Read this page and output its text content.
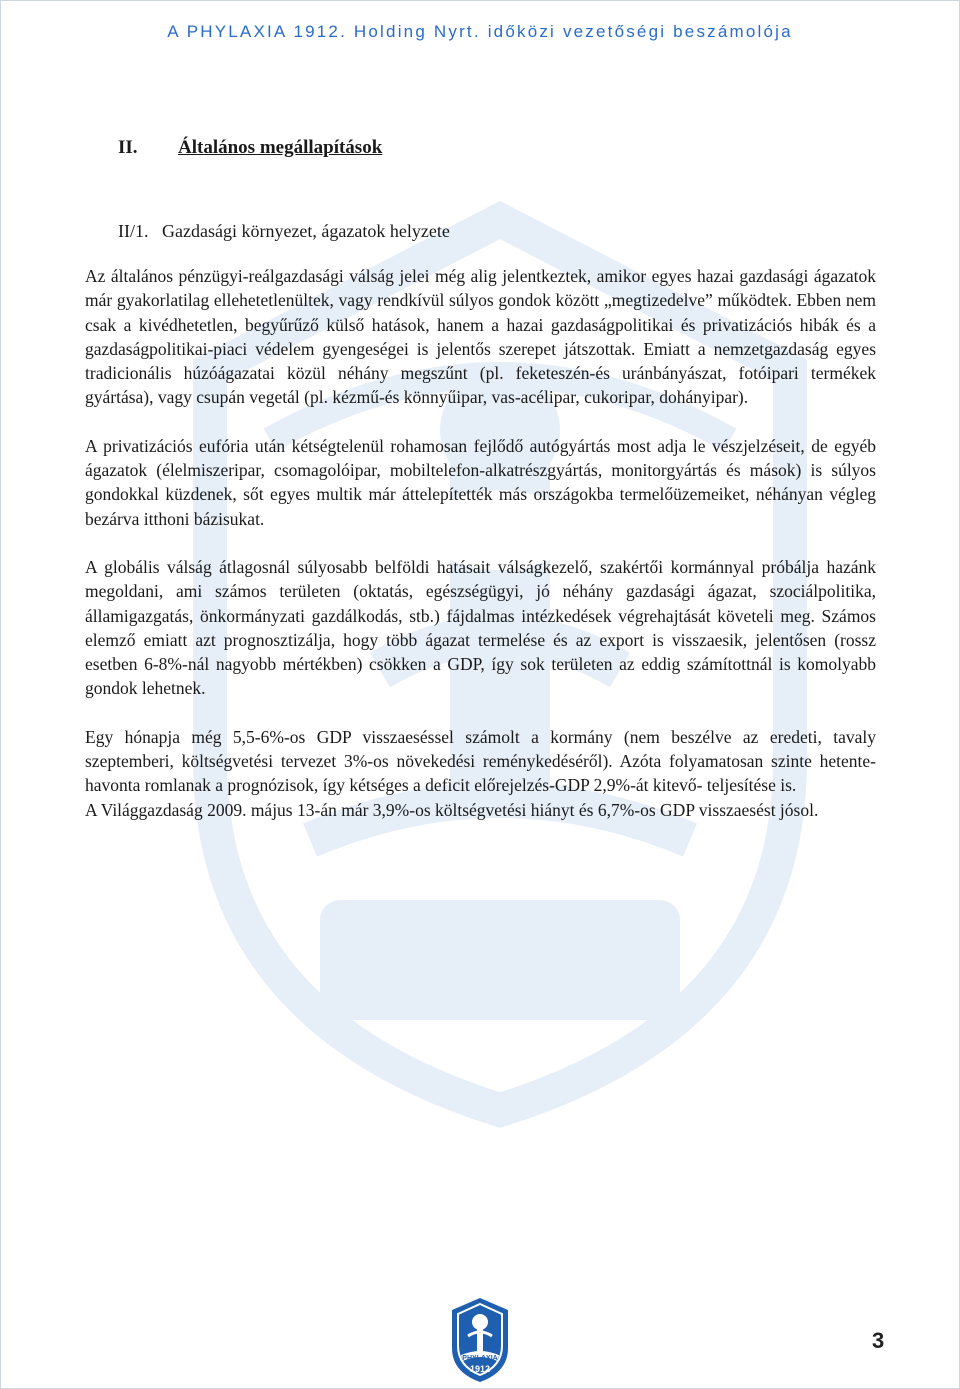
A PHYLAXIA 1912. Holding Nyrt. időközi vezetőségi beszámolója
II. Általános megállapítások
II/1. Gazdasági környezet, ágazatok helyzete

Az általános pénzügyi-reálgazdasági válság jelei még alig jelentkeztek, amikor egyes hazai gazdasági ágazatok már gyakorlatilag ellehetetlenültek, vagy rendkívül súlyos gondok között „megtizedelve” működtek. Ebben nem csak a kivédhetetlen, begyűrűző külső hatások, hanem a hazai gazdaságpolitikai és privatizációs hibák és a gazdaságpolitikai-piaci védelem gyengeségei is jelentős szerepet játszottak. Emiatt a nemzetgazdaság egyes tradicionális húzóágazatai közül néhány megszűnt (pl. feketeszén-és uránbányászat, fotóipari termékek gyártása), vagy csupán vegetál (pl. kézmű-és könnyűipar, vas-acélipar, cukoripar, dohányipar).

A privatizációs eufória után kétségtelenül rohamosan fejlődő autógyártás most adja le vészjelzéseit, de egyéb ágazatok (élelmiszeripar, csomagolóipar, mobiltelefon-alkatrészgyártás, monitorgyártás és mások) is súlyos gondokkal küzdenek, sőt egyes multik már áttelepítették más országokba termelőüzemeiket, néhányan végleg bezárva itthoni bázisukat.

A globális válság átlagosnál súlyosabb belföldi hatásait válságkezelő, szakértői kormánnyal próbálja hazánk megoldani, ami számos területen (oktatás, egészségügyi, jó néhány gazdasági ágazat, szociálpolitika, államigazgatás, önkormányzati gazdálkodás, stb.) fájdalmas intézkedések végrehajtását követeli meg. Számos elemző emiatt azt prognosztizálja, hogy több ágazat termelése és az export is visszaesik, jelentősen (rossz esetben 6-8%-nál nagyobb mértékben) csökken a GDP, így sok területen az eddig számítottnál is komolyabb gondok lehetnek.

Egy hónapja még 5,5-6%-os GDP visszaeséssel számolt a kormány (nem beszélve az eredeti, tavaly szeptemberi, költségvetési tervezet 3%-os növekedési reménykedéséről). Azóta folyamatosan szinte hetente-havonta romlanak a prognózisok, így kétséges a deficit előrejelzés-GDP 2,9%-át kitevő- teljesítése is.

A Világgazdaság 2009. május 13-án már 3,9%-os költségvetési hiányt és 6,7%-os GDP visszaesést jósol.

PHYLAXIA
1912
3
